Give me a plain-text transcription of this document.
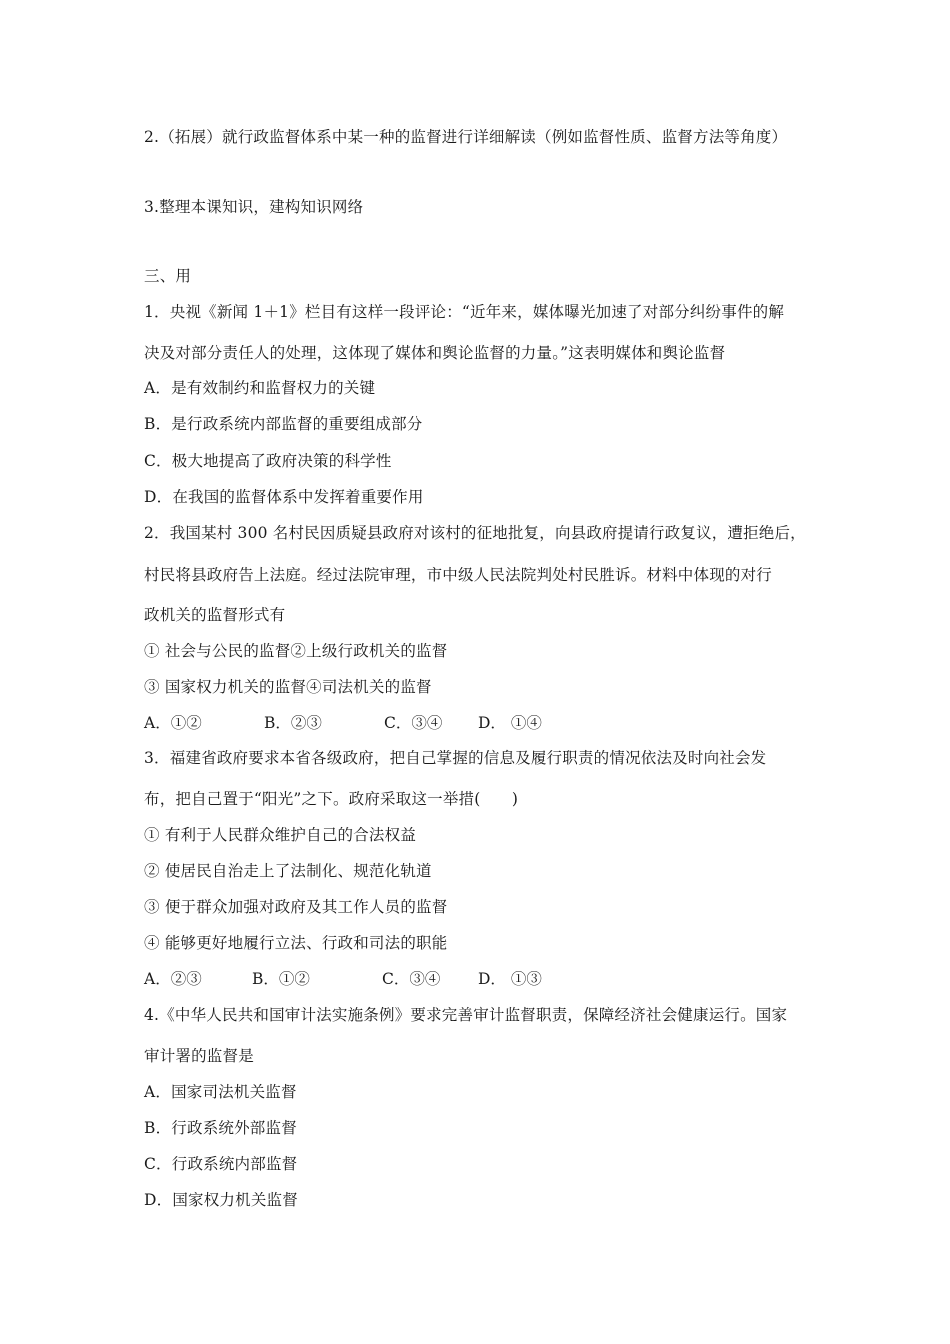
2.（拓展）就行政监督体系中某一种的监督进行详细解读（例如监督性质、监督方法等角度）
3.整理本课知识，建构知识网络
三、用
1．央视《新闻 1＋1》栏目有这样一段评论：“近年来，媒体曝光加速了对部分纠纷事件的解
决及对部分责任人的处理，这体现了媒体和舆论监督的力量。”这表明媒体和舆论监督
A．是有效制约和监督权力的关键
B．是行政系统内部监督的重要组成部分
C．极大地提高了政府决策的科学性
D．在我国的监督体系中发挥着重要作用
2．我国某村 300 名村民因质疑县政府对该村的征地批复，向县政府提请行政复议，遭拒绝后，
村民将县政府告上法庭。经过法院审理，市中级人民法院判处村民胜诉。材料中体现的对行
政机关的监督形式有
① 社会与公民的监督②上级行政机关的监督
③ 国家权力机关的监督④司法机关的监督
A．①②	B．②③	C．③④ D． ①④
3．福建省政府要求本省各级政府，把自己掌握的信息及履行职责的情况依法及时向社会发
布，把自己置于“阳光”之下。政府采取这一举措(　　)
① 有利于人民群众维护自己的合法权益
② 使居民自治走上了法制化、规范化轨道
③ 便于群众加强对政府及其工作人员的监督
④ 能够更好地履行立法、行政和司法的职能
A．②③	B．①②	C．③④ D． ①③
4.《中华人民共和国审计法实施条例》要求完善审计监督职责，保障经济社会健康运行。国家
审计署的监督是
A．国家司法机关监督
B．行政系统外部监督
C．行政系统内部监督
D．国家权力机关监督
